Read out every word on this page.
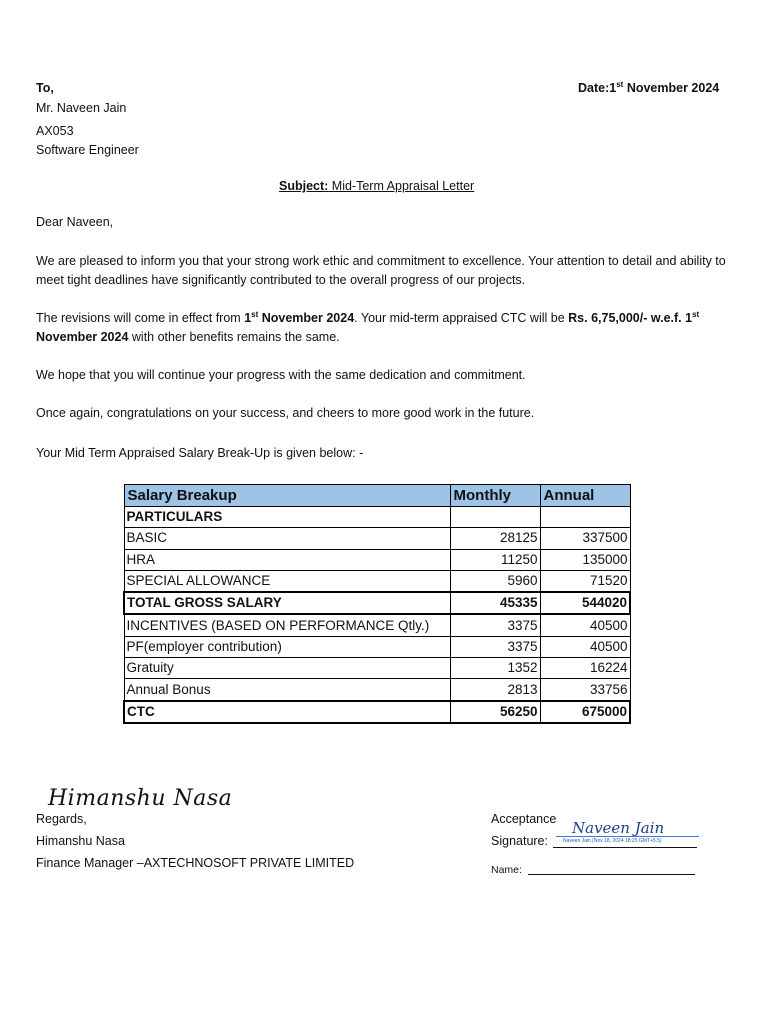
To,	Date:1st November 2024
Mr. Naveen Jain
AX053
Software Engineer
Subject: Mid-Term Appraisal Letter
Dear Naveen,
We are pleased to inform you that your strong work ethic and commitment to excellence. Your attention to detail and ability to meet tight deadlines have significantly contributed to the overall progress of our projects.
The revisions will come in effect from 1st November 2024. Your mid-term appraised CTC will be Rs. 6,75,000/- w.e.f. 1st
November 2024 with other benefits remains the same.
We hope that you will continue your progress with the same dedication and commitment.
Once again, congratulations on your success, and cheers to more good work in the future.
Your Mid Term Appraised Salary Break-Up is given below: -
Salary Breakup	Monthly	Annual
PARTICULARS		
BASIC	28125	337500
HRA	11250	135000
SPECIAL ALLOWANCE	5960	71520
TOTAL GROSS SALARY	45335	544020
INCENTIVES (BASED ON PERFORMANCE Qtly.)	3375	40500
PF(employer contribution)	3375	40500
Gratuity	1352	16224
Annual Bonus	2813	33756
CTC	56250	675000
Himanshu Nasa
Regards,
Himanshu Nasa
Finance Manager –AXTECHNOSOFT PRIVATE LIMITED
Acceptance
Signature:
Naveen Jain
Naveen Jain (Nov 18, 2024 18:25 GMT+5.5)
Name:
